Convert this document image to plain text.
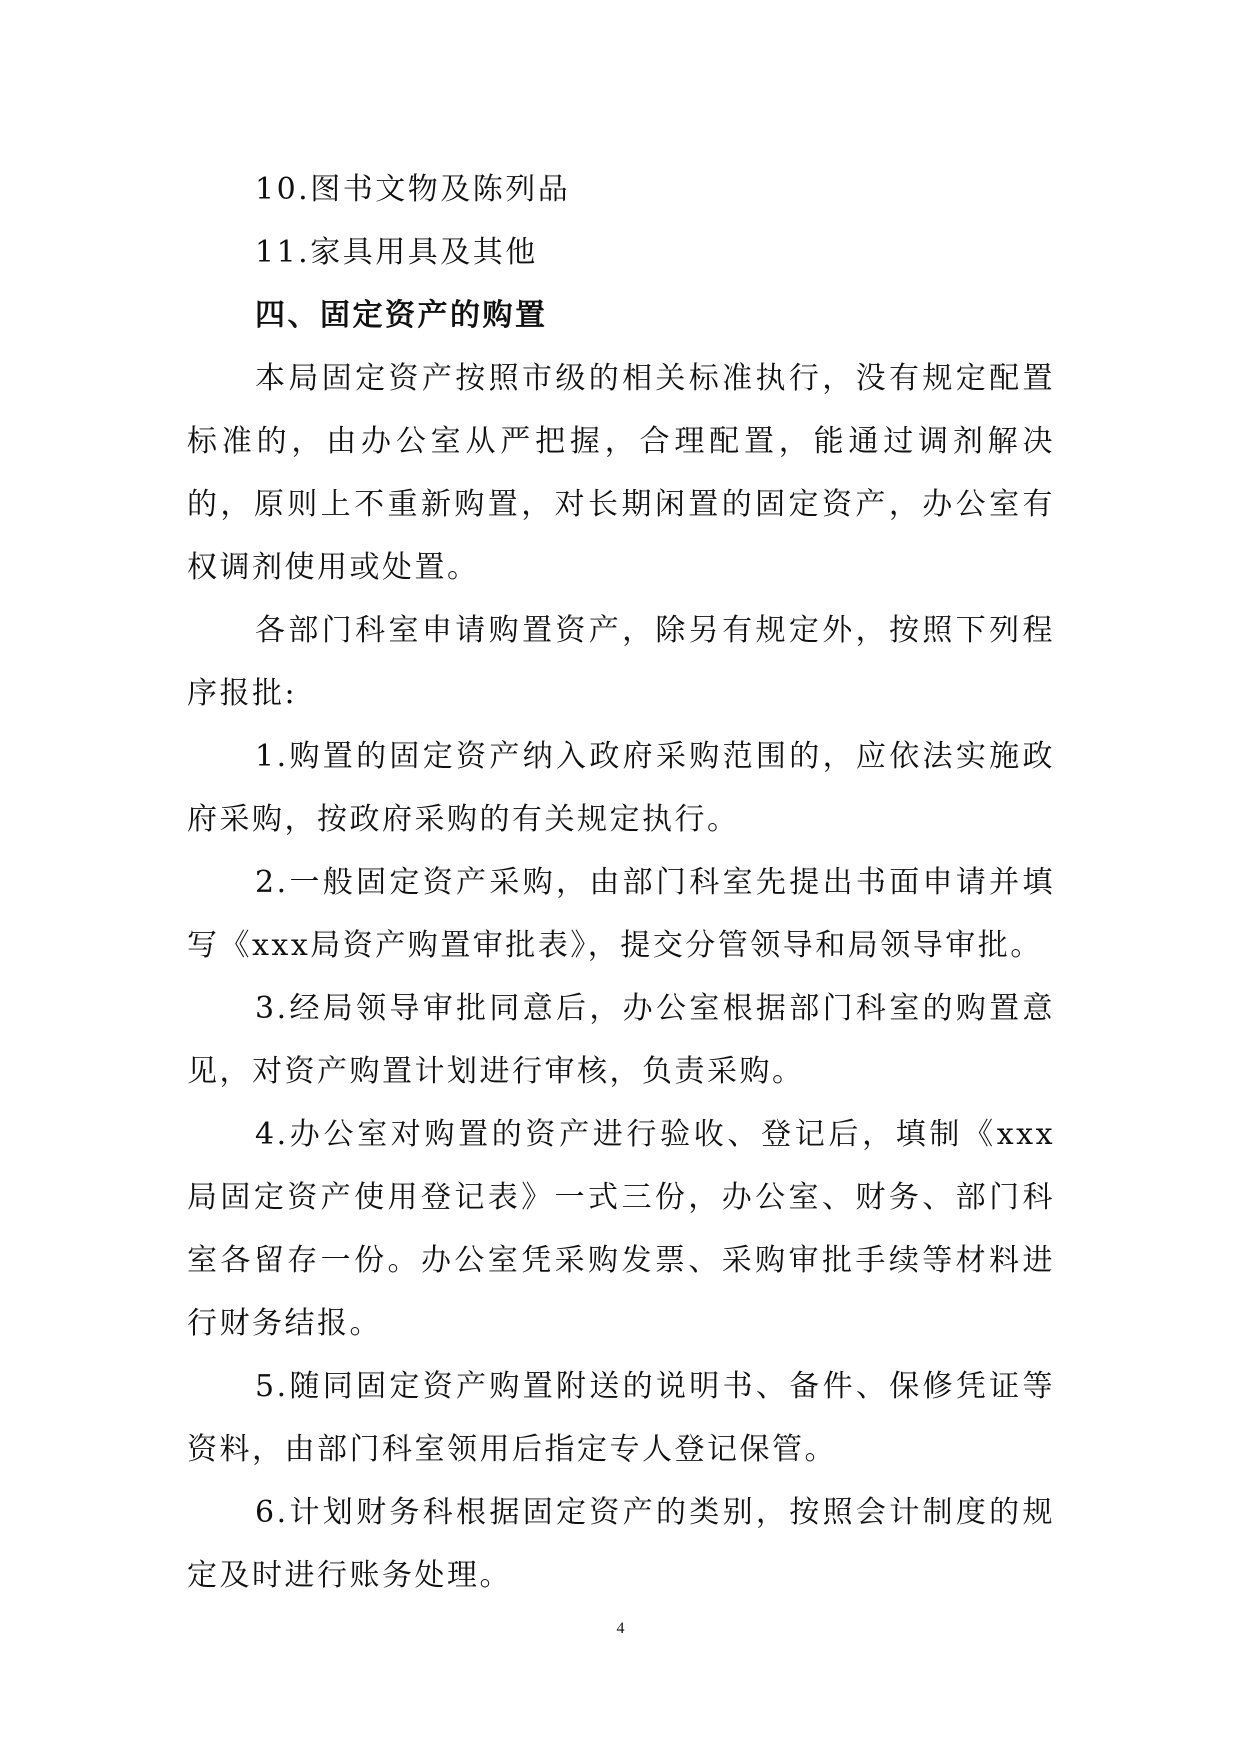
10.图书文物及陈列品

11.家具用具及其他

四、固定资产的购置

本局固定资产按照市级的相关标准执行，没有规定配置标准的，由办公室从严把握，合理配置，能通过调剂解决的，原则上不重新购置，对长期闲置的固定资产，办公室有权调剂使用或处置。

各部门科室申请购置资产，除另有规定外，按照下列程序报批:

1.购置的固定资产纳入政府采购范围的，应依法实施政府采购，按政府采购的有关规定执行。

2.一般固定资产采购，由部门科室先提出书面申请并填写《xxx局资产购置审批表》，提交分管领导和局领导审批。

3.经局领导审批同意后，办公室根据部门科室的购置意见，对资产购置计划进行审核，负责采购。

4.办公室对购置的资产进行验收、登记后，填制《xxx局固定资产使用登记表》一式三份，办公室、财务、部门科室各留存一份。办公室凭采购发票、采购审批手续等材料进行财务结报。

5.随同固定资产购置附送的说明书、备件、保修凭证等资料，由部门科室领用后指定专人登记保管。

6.计划财务科根据固定资产的类别，按照会计制度的规定及时进行账务处理。

4
